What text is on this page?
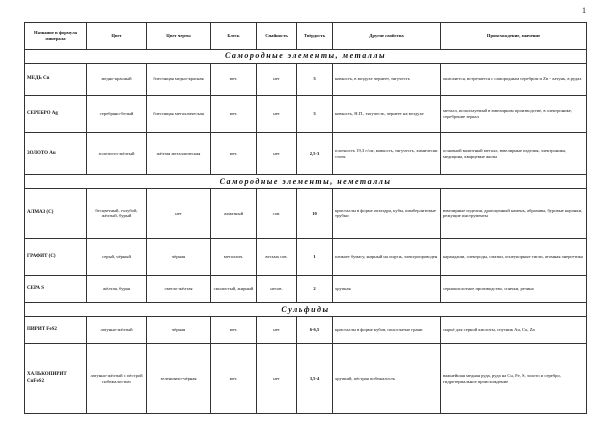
1
Название и формула минерала	Цвет	Цвет черты	Блеск	Спайность	Твёрдость	Другие свойства	Происхождение, значение
Самородные элементы, металлы							
МЕДЬ Cu	медно-красный	блестящая медно-красная	мет.	нет	3	ковкость, в воздухе чернеет, тягучесть	окисляется, встречается с самородным серебром и Zn - латунь, в рудах
СЕРЕБРО Ag	серебряно-белый	блестящая металлическая	мет.	нет	3	ковкость, Н.П., тягучесть, чернеет на воздухе	металл, используемый в ювелирном производстве, в электронике, серебрение зеркал
ЗОЛОТО Au	золотисто-жёлтый	жёлтая металлическая	мет.	нет	2,5-3	плотность 19,3 г/см, ковкость, тягучесть, химически стоек	основной валютный металл, ювелирные изделия, электроника, медицина, кварцевые жилы
Самородные элементы, неметаллы							
АЛМАЗ (С)	бесцветный, голубой, жёлтый, бурый	нет	алмазный	сов.	10	кристаллы в форме октаэдра, кубы, кимберлитовые трубки	ювелирные изделия, драгоценный камень, абразивы, буровые коронки, режущие инструменты
ГРАФИТ (С)	серый, чёрный	чёрная	металлич.	весьма сов.	1	пачкает бумагу, жирный на ощупь, электропроводен	карандаши, электроды, смазки, огнеупорные тигли, атомная энергетика
СЕРА S	жёлтая, бурая	светло-жёлтая	смолистый, жирный	несов.	2	хрупкая	сернокислотное производство, спички, резина
Сульфиды							
ПИРИТ FeS2	латунно-жёлтый	чёрная	мет.	нет	6-6,5	кристаллы в форме кубов, полосчатые грани	сырьё для серной кислоты, спутник Au, Cu, Zn
ХАЛЬКОПИРИТ CuFeS2	латунно-жёлтый с пёстрой побежалостью	зеленовато-чёрная	мет.	нет	3,5-4	хрупкий, пёстрая побежалость	важнейшая медная руда, руда на Cu, Fe, S, золото и серебро, гидротермальное происхождение
